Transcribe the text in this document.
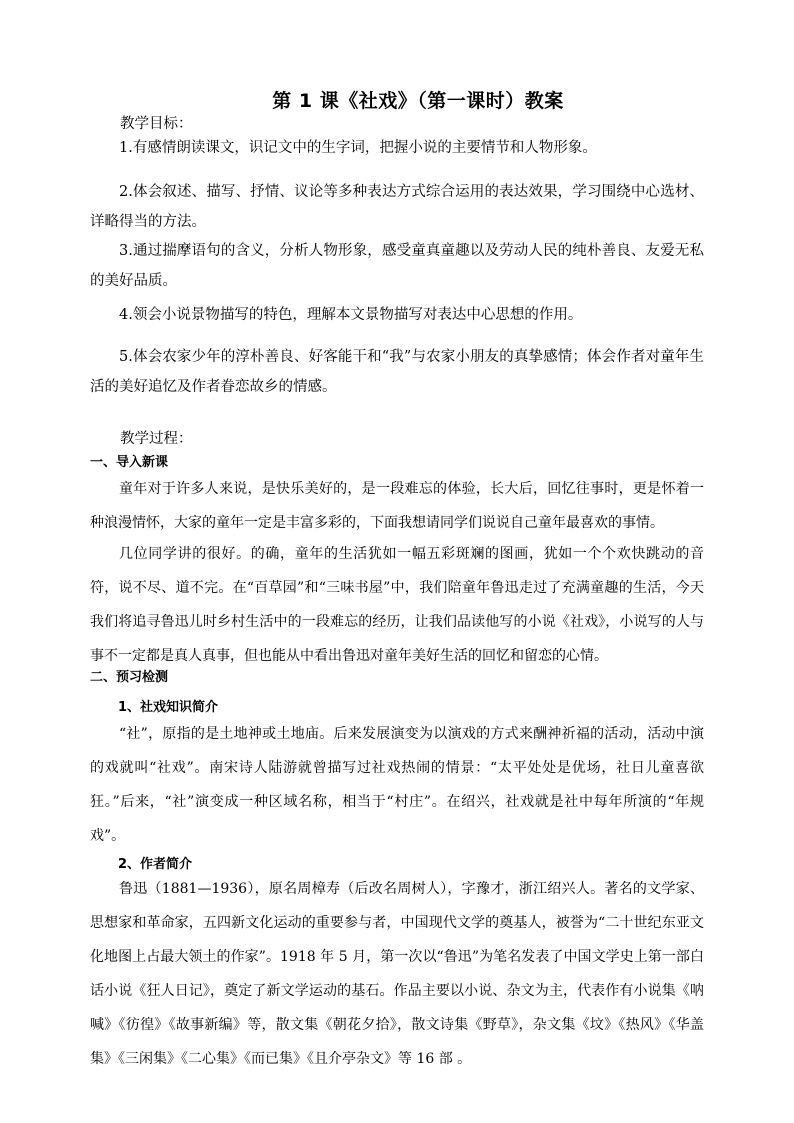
第 1 课《社戏》（第一课时）教案
教学目标：
1.有感情朗读课文，识记文中的生字词，把握小说的主要情节和人物形象。
2.体会叙述、描写、抒情、议论等多种表达方式综合运用的表达效果，学习围绕中心选材、详略得当的方法。
3.通过揣摩语句的含义，分析人物形象，感受童真童趣以及劳动人民的纯朴善良、友爱无私的美好品质。
4.领会小说景物描写的特色，理解本文景物描写对表达中心思想的作用。
5.体会农家少年的淳朴善良、好客能干和“我”与农家小朋友的真挚感情；体会作者对童年生活的美好追忆及作者眷恋故乡的情感。
教学过程：
一、导入新课
童年对于许多人来说，是快乐美好的，是一段难忘的体验，长大后，回忆往事时，更是怀着一种浪漫情怀，大家的童年一定是丰富多彩的，下面我想请同学们说说自己童年最喜欢的事情。
几位同学讲的很好。的确，童年的生活犹如一幅五彩斑斓的图画，犹如一个个欢快跳动的音符，说不尽、道不完。在“百草园”和“三味书屋”中，我们陪童年鲁迅走过了充满童趣的生活，今天我们将追寻鲁迅儿时乡村生活中的一段难忘的经历，让我们品读他写的小说《社戏》，小说写的人与事不一定都是真人真事，但也能从中看出鲁迅对童年美好生活的回忆和留恋的心情。
二、预习检测
1、社戏知识简介
“社”，原指的是土地神或土地庙。后来发展演变为以演戏的方式来酬神祈福的活动，活动中演的戏就叫“社戏”。南宋诗人陆游就曾描写过社戏热闹的情景：“太平处处是优场，社日儿童喜欲狂。”后来，“社”演变成一种区域名称，相当于“村庄”。在绍兴，社戏就是社中每年所演的“年规戏”。
2、作者简介
鲁迅（1881—1936），原名周樟寿（后改名周树人），字豫才，浙江绍兴人。著名的文学家、思想家和革命家，五四新文化运动的重要参与者，中国现代文学的奠基人，被誉为“二十世纪东亚文化地图上占最大领土的作家”。1918 年 5 月，第一次以“鲁迅”为笔名发表了中国文学史上第一部白话小说《狂人日记》，奠定了新文学运动的基石。作品主要以小说、杂文为主，代表作有小说集《呐喊》《彷徨》《故事新编》等，散文集《朝花夕拾》，散文诗集《野草》，杂文集《坟》《热风》《华盖集》《三闲集》《二心集》《而已集》《且介亭杂文》等 16 部 。
